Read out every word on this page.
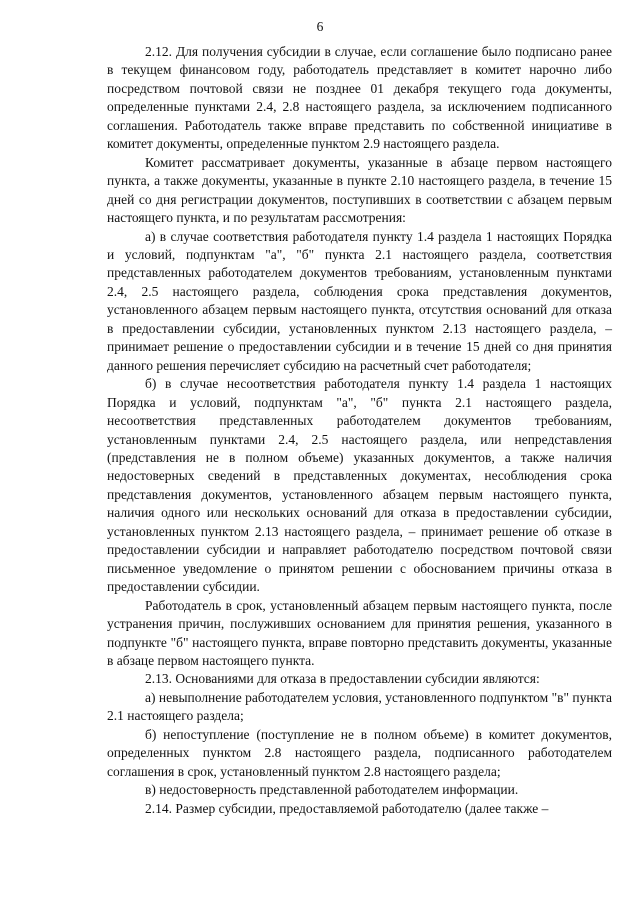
6

2.12. Для получения субсидии в случае, если соглашение было подписано ранее в текущем финансовом году, работодатель представляет в комитет нарочно либо посредством почтовой связи не позднее 01 декабря текущего года документы, определенные пунктами 2.4, 2.8 настоящего раздела, за исключением подписанного соглашения. Работодатель также вправе представить по собственной инициативе в комитет документы, определенные пунктом 2.9 настоящего раздела.

Комитет рассматривает документы, указанные в абзаце первом настоящего пункта, а также документы, указанные в пункте 2.10 настоящего раздела, в течение 15 дней со дня регистрации документов, поступивших в соответствии с абзацем первым настоящего пункта, и по результатам рассмотрения:

а) в случае соответствия работодателя пункту 1.4 раздела 1 настоящих Порядка и условий, подпунктам "а", "б" пункта 2.1 настоящего раздела, соответствия представленных работодателем документов требованиям, установленным пунктами 2.4, 2.5 настоящего раздела, соблюдения срока представления документов, установленного абзацем первым настоящего пункта, отсутствия оснований для отказа в предоставлении субсидии, установленных пунктом 2.13 настоящего раздела, – принимает решение о предоставлении субсидии и в течение 15 дней со дня принятия данного решения перечисляет субсидию на расчетный счет работодателя;

б) в случае несоответствия работодателя пункту 1.4 раздела 1 настоящих Порядка и условий, подпунктам "а", "б" пункта 2.1 настоящего раздела, несоответствия представленных работодателем документов требованиям, установленным пунктами 2.4, 2.5 настоящего раздела, или непредставления (представления не в полном объеме) указанных документов, а также наличия недостоверных сведений в представленных документах, несоблюдения срока представления документов, установленного абзацем первым настоящего пункта, наличия одного или нескольких оснований для отказа в предоставлении субсидии, установленных пунктом 2.13 настоящего раздела, – принимает решение об отказе в предоставлении субсидии и направляет работодателю посредством почтовой связи письменное уведомление о принятом решении с обоснованием причины отказа в предоставлении субсидии.

Работодатель в срок, установленный абзацем первым настоящего пункта, после устранения причин, послуживших основанием для принятия решения, указанного в подпункте "б" настоящего пункта, вправе повторно представить документы, указанные в абзаце первом настоящего пункта.

2.13. Основаниями для отказа в предоставлении субсидии являются:

а) невыполнение работодателем условия, установленного подпунктом "в" пункта 2.1 настоящего раздела;

б) непоступление (поступление не в полном объеме) в комитет документов, определенных пунктом 2.8 настоящего раздела, подписанного работодателем соглашения в срок, установленный пунктом 2.8 настоящего раздела;

в) недостоверность представленной работодателем информации.

2.14. Размер субсидии, предоставляемой работодателю (далее также –
